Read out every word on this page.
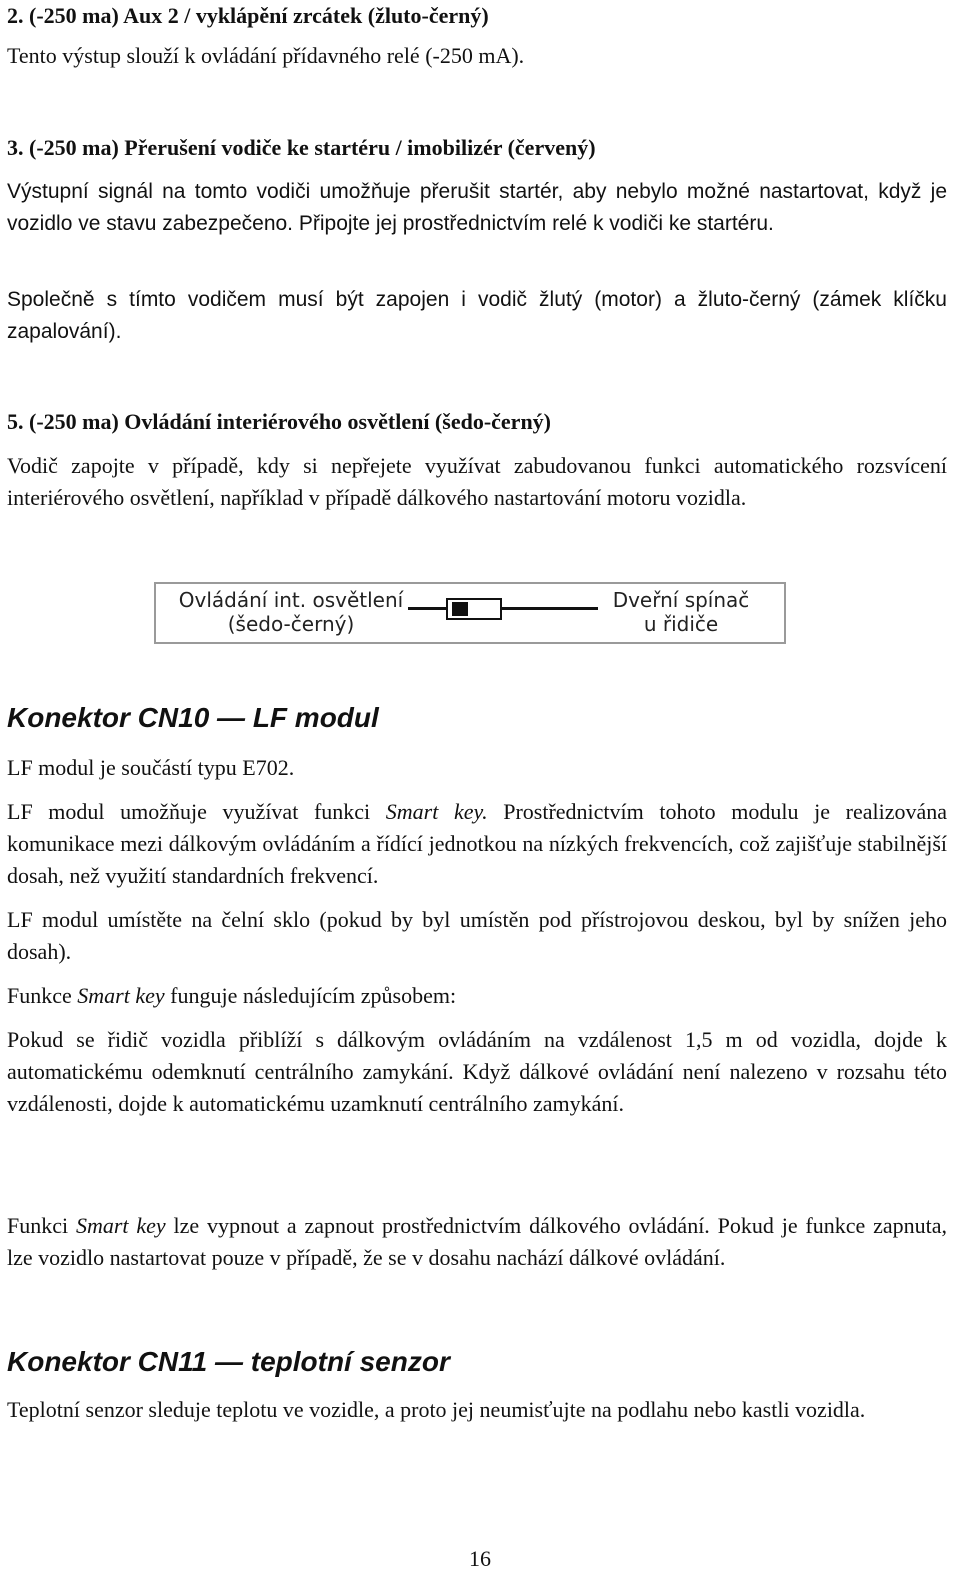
2. (-250 ma) Aux 2 / vyklápění zrcátek (žluto-černý)

Tento výstup slouží k ovládání přídavného relé (-250 mA).

3. (-250 ma) Přerušení vodiče ke startéru / imobilizér (červený)

Výstupní signál na tomto vodiči umožňuje přerušit startér, aby nebylo možné nastartovat, když je vozidlo ve stavu zabezpečeno. Připojte jej prostřednictvím relé k vodiči ke startéru.

Společně s tímto vodičem musí být zapojen i vodič žlutý (motor) a žluto-černý (zámek klíčku zapalování).

5. (-250 ma) Ovládání interiérového osvětlení (šedo-černý)

Vodič zapojte v případě, kdy si nepřejete využívat zabudovanou funkci automatického rozsvícení interiérového osvětlení, například v případě dálkového nastartování motoru vozidla.

Konektor CN10 — LF modul

LF modul je součástí typu E702.

LF modul umožňuje využívat funkci Smart key. Prostřednictvím tohoto modulu je realizována komunikace mezi dálkovým ovládáním a řídící jednotkou na nízkých frekvencích, což zajišťuje stabilnější dosah, než využití standardních frekvencí.

LF modul umístěte na čelní sklo (pokud by byl umístěn pod přístrojovou deskou, byl by snížen jeho dosah).

Funkce Smart key funguje následujícím způsobem:

Pokud se řidič vozidla přiblíží s dálkovým ovládáním na vzdálenost 1,5 m od vozidla, dojde k automatickému odemknutí centrálního zamykání. Když dálkové ovládání není nalezeno v rozsahu této vzdálenosti, dojde k automatickému uzamknutí centrálního zamykání.

Funkci Smart key lze vypnout a zapnout prostřednictvím dálkového ovládání. Pokud je funkce zapnuta, lze vozidlo nastartovat pouze v případě, že se v dosahu nachází dálkové ovládání.

Konektor CN11 — teplotní senzor

Teplotní senzor sleduje teplotu ve vozidle, a proto jej neumisťujte na podlahu nebo kastli vozidla.

Ovládání int. osvětlení
(šedo-černý)
Dveřní spínač
u řidiče
16
